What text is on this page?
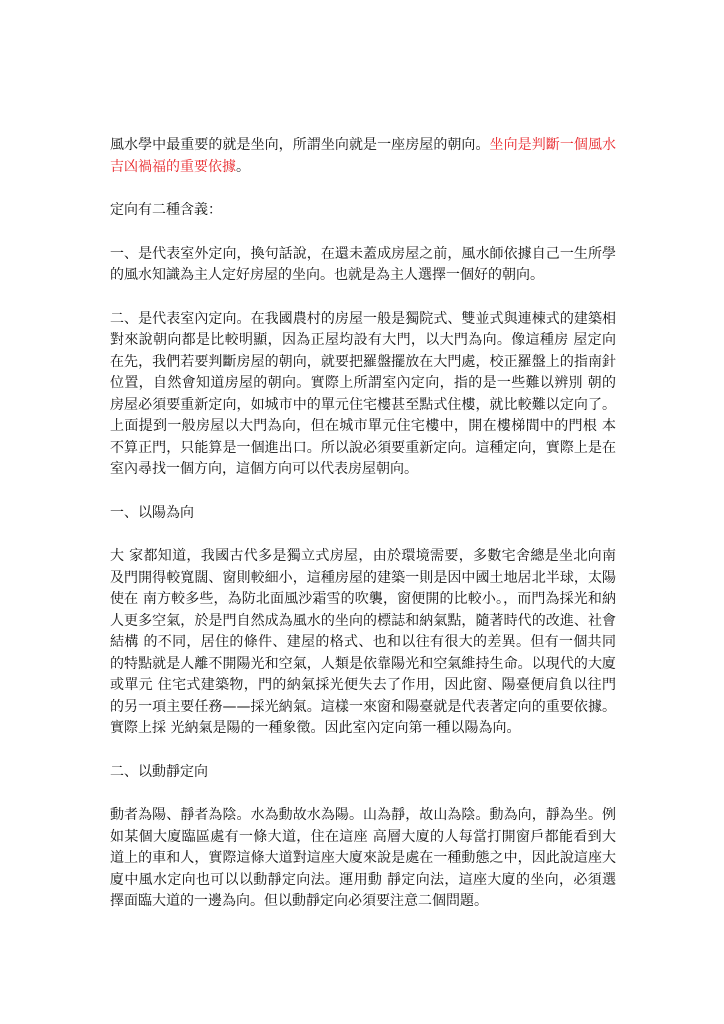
風水學中最重要的就是坐向，所謂坐向就是一座房屋的朝向。坐向是判斷一個風水吉凶禍福的重要依據。

定向有二種含義：

一、是代表室外定向，換句話說，在還未蓋成房屋之前，風水師依據自己一生所學的風水知識為主人定好房屋的坐向。也就是為主人選擇一個好的朝向。

二、是代表室內定向。在我國農村的房屋一般是獨院式、雙並式與連棟式的建築相對來說朝向都是比較明顯，因為正屋均設有大門，以大門為向。像這種房 屋定向在先，我們若要判斷房屋的朝向，就要把羅盤擺放在大門處，校正羅盤上的指南針位置，自然會知道房屋的朝向。實際上所謂室內定向，指的是一些難以辨別 朝的房屋必須要重新定向，如城市中的單元住宅樓甚至點式住樓，就比較難以定向了。上面提到一般房屋以大門為向，但在城市單元住宅樓中，開在樓梯間中的門根 本不算正門，只能算是一個進出口。所以說必須要重新定向。這種定向，實際上是在室內尋找一個方向，這個方向可以代表房屋朝向。

一、以陽為向

大 家都知道，我國古代多是獨立式房屋，由於環境需要，多數宅舍總是坐北向南及門開得較寬闊、窗則較細小，這種房屋的建築一則是因中國土地居北半球，太陽使在 南方較多些，為防北面風沙霜雪的吹襲，窗便開的比較小。，而門為採光和納人更多空氣，於是門自然成為風水的坐向的標誌和納氣點，隨著時代的改進、社會結構 的不同，居住的條件、建屋的格式、也和以往有很大的差異。但有一個共同的特點就是人離不開陽光和空氣，人類是依靠陽光和空氣維持生命。以現代的大廈或單元 住宅式建築物，門的納氣採光便失去了作用，因此窗、陽臺便肩負以往門的另一項主要任務——採光納氣。這樣一來窗和陽臺就是代表著定向的重要依據。實際上採 光納氣是陽的一種象徵。因此室內定向第一種以陽為向。

二、以動靜定向

動者為陽、靜者為陰。水為動故水為陽。山為靜，故山為陰。動為向，靜為坐。例如某個大廈臨區處有一條大道，住在這座 高層大廈的人每當打開窗戶都能看到大道上的車和人，實際這條大道對這座大廈來說是處在一種動態之中，因此說這座大廈中風水定向也可以以動靜定向法。運用動 靜定向法，這座大廈的坐向，必須選擇面臨大道的一邊為向。但以動靜定向必須要注意二個問題。
